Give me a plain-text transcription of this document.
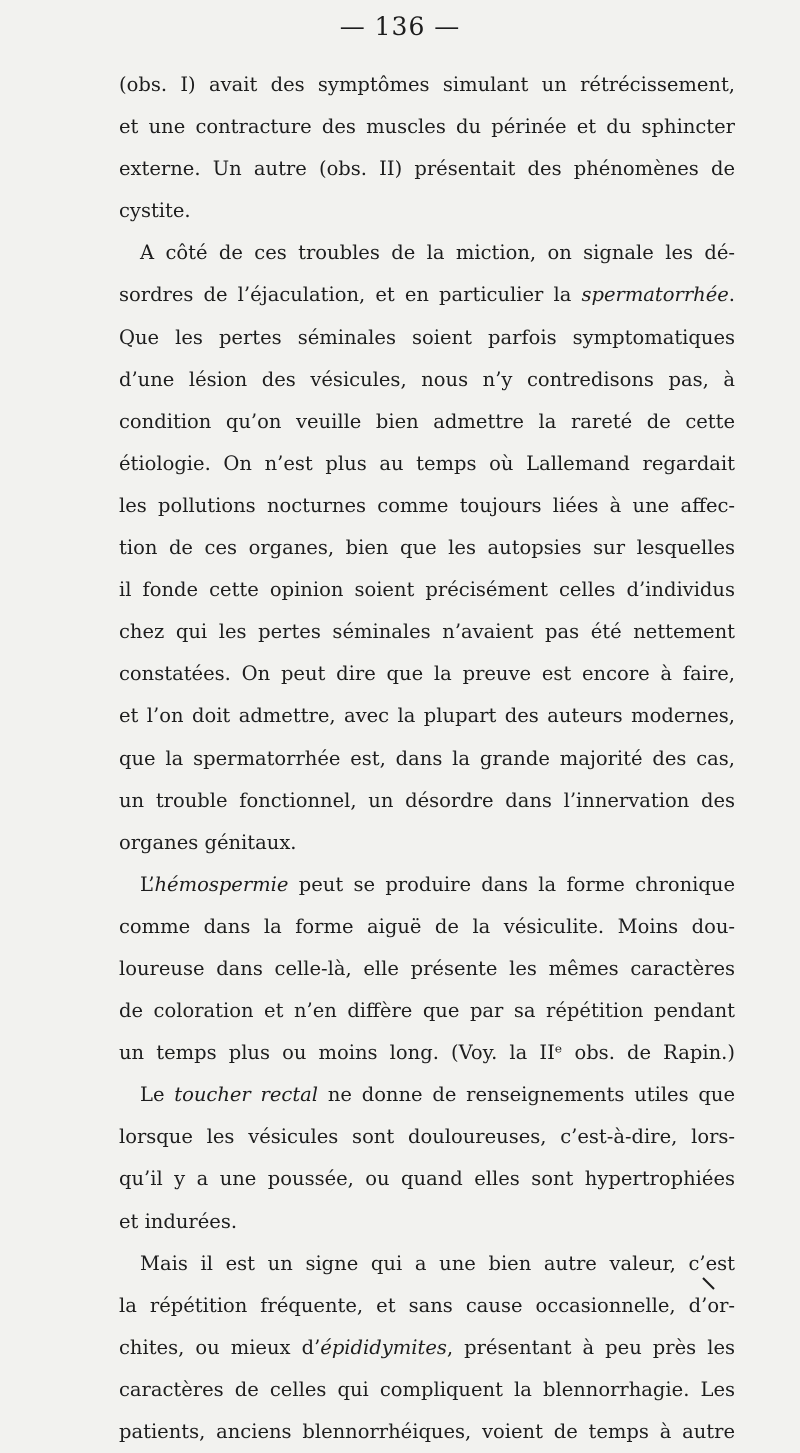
— 136 —
(obs. I) avait des symptômes simulant un rétrécissement,
et une contracture des muscles du périnée et du sphincter
externe. Un autre (obs. II) présentait des phénomènes de
cystite.
A côté de ces troubles de la miction, on signale les dé-
sordres de l’éjaculation, et en particulier la spermatorrhée.
Que les pertes séminales soient parfois symptomatiques
d’une lésion des vésicules, nous n’y contredisons pas, à
condition qu’on veuille bien admettre la rareté de cette
étiologie. On n’est plus au temps où Lallemand regardait
les pollutions nocturnes comme toujours liées à une affec-
tion de ces organes, bien que les autopsies sur lesquelles
il fonde cette opinion soient précisément celles d’individus
chez qui les pertes séminales n’avaient pas été nettement
constatées. On peut dire que la preuve est encore à faire,
et l’on doit admettre, avec la plupart des auteurs modernes,
que la spermatorrhée est, dans la grande majorité des cas,
un trouble fonctionnel, un désordre dans l’innervation des
organes génitaux.
L’hémospermie peut se produire dans la forme chronique
comme dans la forme aiguë de la vésiculite. Moins dou-
loureuse dans celle-là, elle présente les mêmes caractères
de coloration et n’en diffère que par sa répétition pendant
un temps plus ou moins long. (Voy. la IIᵉ obs. de Rapin.)
Le toucher rectal ne donne de renseignements utiles que
lorsque les vésicules sont douloureuses, c’est-à-dire, lors-
qu’il y a une poussée, ou quand elles sont hypertrophiées
et indurées.
Mais il est un signe qui a une bien autre valeur, c’est
la répétition fréquente, et sans cause occasionnelle, d’or-
chites, ou mieux d’épididymites, présentant à peu près les
caractères de celles qui compliquent la blennorrhagie. Les
patients, anciens blennorrhéiques, voient de temps à autre
